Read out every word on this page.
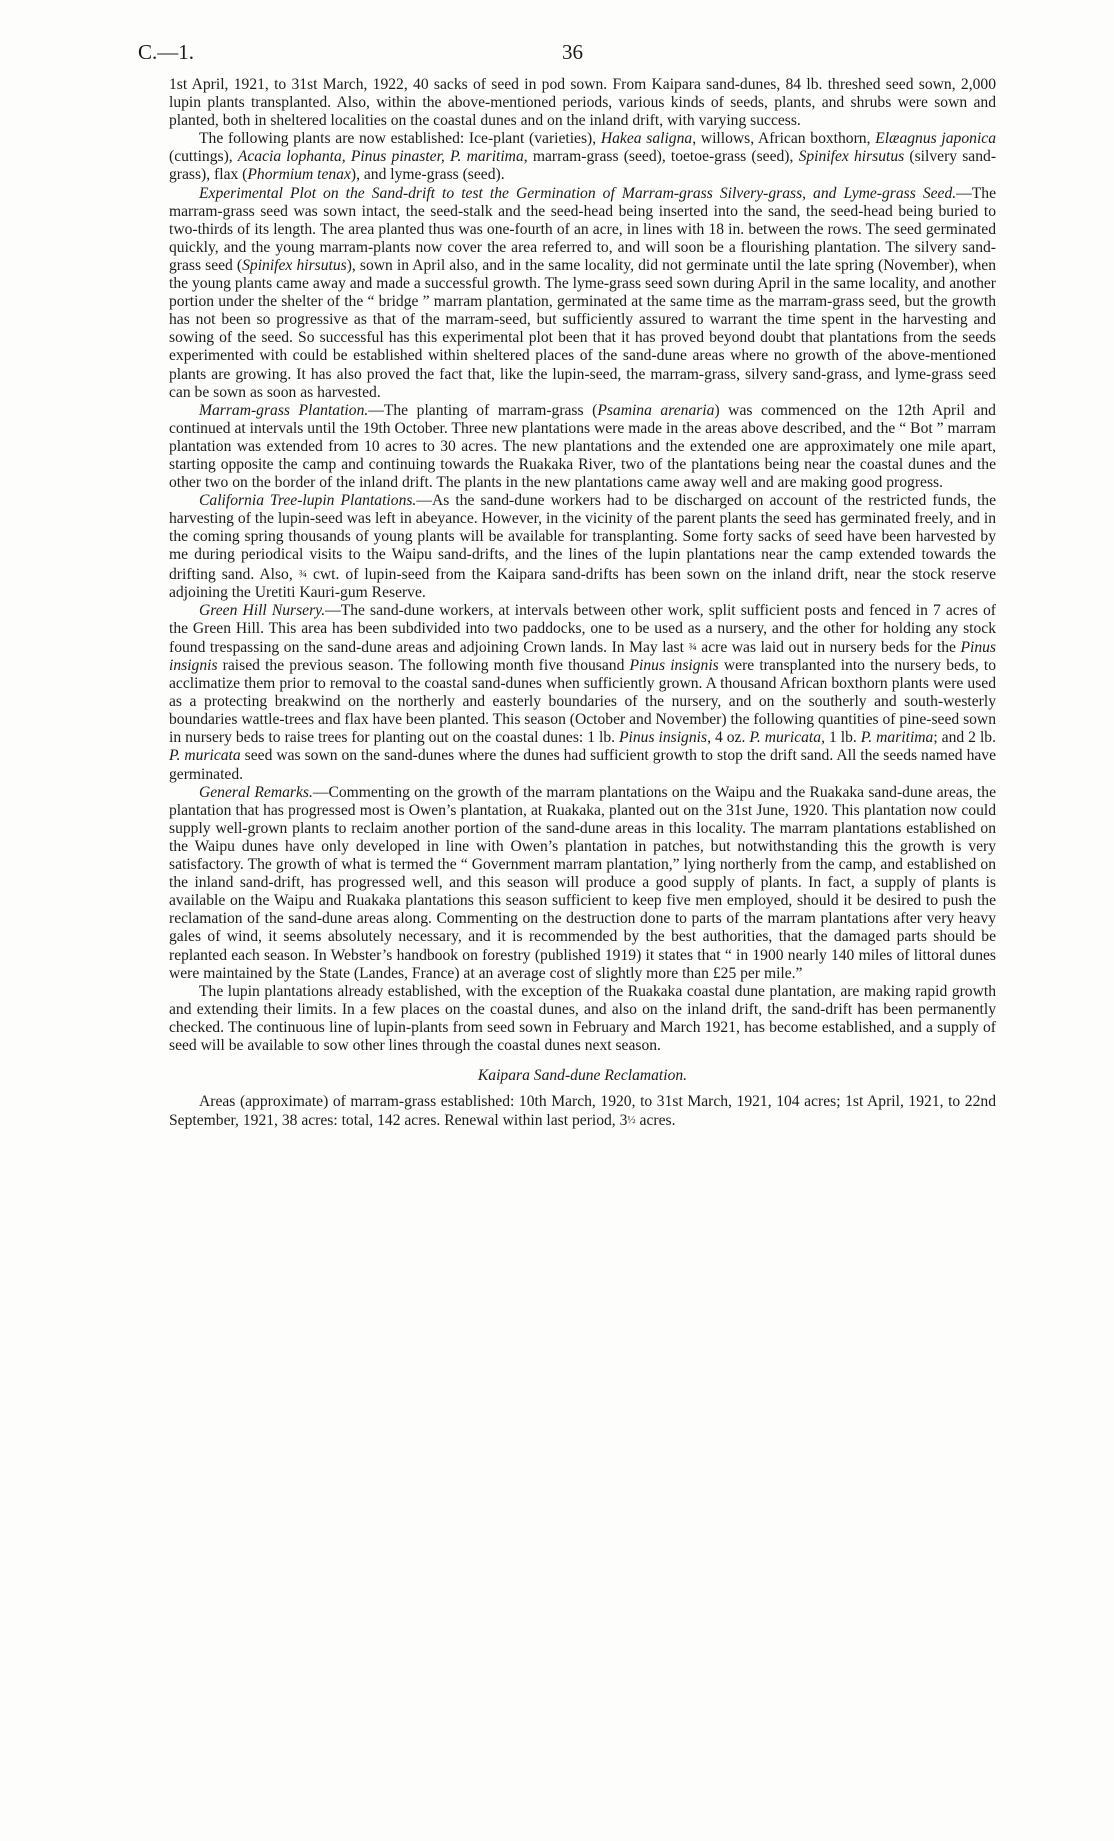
C.—1.	36

1st April, 1921, to 31st March, 1922, 40 sacks of seed in pod sown. From Kaipara sand-dunes, 84 lb. threshed seed sown, 2,000 lupin plants transplanted. Also, within the above-mentioned periods, various kinds of seeds, plants, and shrubs were sown and planted, both in sheltered localities on the coastal dunes and on the inland drift, with varying success.

The following plants are now established: Ice-plant (varieties), Hakea saligna, willows, African boxthorn, Elæagnus japonica (cuttings), Acacia lophanta, Pinus pinaster, P. maritima, marram-grass (seed), toetoe-grass (seed), Spinifex hirsutus (silvery sand-grass), flax (Phormium tenax), and lyme-grass (seed).

Experimental Plot on the Sand-drift to test the Germination of Marram-grass Silvery-grass, and Lyme-grass Seed.—The marram-grass seed was sown intact, the seed-stalk and the seed-head being inserted into the sand, the seed-head being buried to two-thirds of its length. The area planted thus was one-fourth of an acre, in lines with 18 in. between the rows. The seed germinated quickly, and the young marram-plants now cover the area referred to, and will soon be a flourishing plantation. The silvery sand-grass seed (Spinifex hirsutus), sown in April also, and in the same locality, did not germinate until the late spring (November), when the young plants came away and made a successful growth. The lyme-grass seed sown during April in the same locality, and another portion under the shelter of the “ bridge ” marram plantation, germinated at the same time as the marram-grass seed, but the growth has not been so progressive as that of the marram-seed, but sufficiently assured to warrant the time spent in the harvesting and sowing of the seed. So successful has this experimental plot been that it has proved beyond doubt that plantations from the seeds experimented with could be established within sheltered places of the sand-dune areas where no growth of the above-mentioned plants are growing. It has also proved the fact that, like the lupin-seed, the marram-grass, silvery sand-grass, and lyme-grass seed can be sown as soon as harvested.

Marram-grass Plantation.—The planting of marram-grass (Psamina arenaria) was commenced on the 12th April and continued at intervals until the 19th October. Three new plantations were made in the areas above described, and the “ Bot ” marram plantation was extended from 10 acres to 30 acres. The new plantations and the extended one are approximately one mile apart, starting opposite the camp and continuing towards the Ruakaka River, two of the plantations being near the coastal dunes and the other two on the border of the inland drift. The plants in the new plantations came away well and are making good progress.

California Tree-lupin Plantations.—As the sand-dune workers had to be discharged on account of the restricted funds, the harvesting of the lupin-seed was left in abeyance. However, in the vicinity of the parent plants the seed has germinated freely, and in the coming spring thousands of young plants will be available for transplanting. Some forty sacks of seed have been harvested by me during periodical visits to the Waipu sand-drifts, and the lines of the lupin plantations near the camp extended towards the drifting sand. Also, ¾ cwt. of lupin-seed from the Kaipara sand-drifts has been sown on the inland drift, near the stock reserve adjoining the Uretiti Kauri-gum Reserve.

Green Hill Nursery.—The sand-dune workers, at intervals between other work, split sufficient posts and fenced in 7 acres of the Green Hill. This area has been subdivided into two paddocks, one to be used as a nursery, and the other for holding any stock found trespassing on the sand-dune areas and adjoining Crown lands. In May last ¾ acre was laid out in nursery beds for the Pinus insignis raised the previous season. The following month five thousand Pinus insignis were transplanted into the nursery beds, to acclimatize them prior to removal to the coastal sand-dunes when sufficiently grown. A thousand African boxthorn plants were used as a protecting breakwind on the northerly and easterly boundaries of the nursery, and on the southerly and south-westerly boundaries wattle-trees and flax have been planted. This season (October and November) the following quantities of pine-seed sown in nursery beds to raise trees for planting out on the coastal dunes: 1 lb. Pinus insignis, 4 oz. P. muricata, 1 lb. P. maritima; and 2 lb. P. muricata seed was sown on the sand-dunes where the dunes had sufficient growth to stop the drift sand. All the seeds named have germinated.

General Remarks.—Commenting on the growth of the marram plantations on the Waipu and the Ruakaka sand-dune areas, the plantation that has progressed most is Owen’s plantation, at Ruakaka, planted out on the 31st June, 1920. This plantation now could supply well-grown plants to reclaim another portion of the sand-dune areas in this locality. The marram plantations established on the Waipu dunes have only developed in line with Owen’s plantation in patches, but notwithstanding this the growth is very satisfactory. The growth of what is termed the “ Government marram plantation,” lying northerly from the camp, and established on the inland sand-drift, has progressed well, and this season will produce a good supply of plants. In fact, a supply of plants is available on the Waipu and Ruakaka plantations this season sufficient to keep five men employed, should it be desired to push the reclamation of the sand-dune areas along. Commenting on the destruction done to parts of the marram plantations after very heavy gales of wind, it seems absolutely necessary, and it is recommended by the best authorities, that the damaged parts should be replanted each season. In Webster’s handbook on forestry (published 1919) it states that “ in 1900 nearly 140 miles of littoral dunes were maintained by the State (Landes, France) at an average cost of slightly more than £25 per mile.”

The lupin plantations already established, with the exception of the Ruakaka coastal dune plantation, are making rapid growth and extending their limits. In a few places on the coastal dunes, and also on the inland drift, the sand-drift has been permanently checked. The continuous line of lupin-plants from seed sown in February and March 1921, has become established, and a supply of seed will be available to sow other lines through the coastal dunes next season.

Kaipara Sand-dune Reclamation.

Areas (approximate) of marram-grass established: 10th March, 1920, to 31st March, 1921, 104 acres; 1st April, 1921, to 22nd September, 1921, 38 acres: total, 142 acres. Renewal within last period, 3½ acres.
